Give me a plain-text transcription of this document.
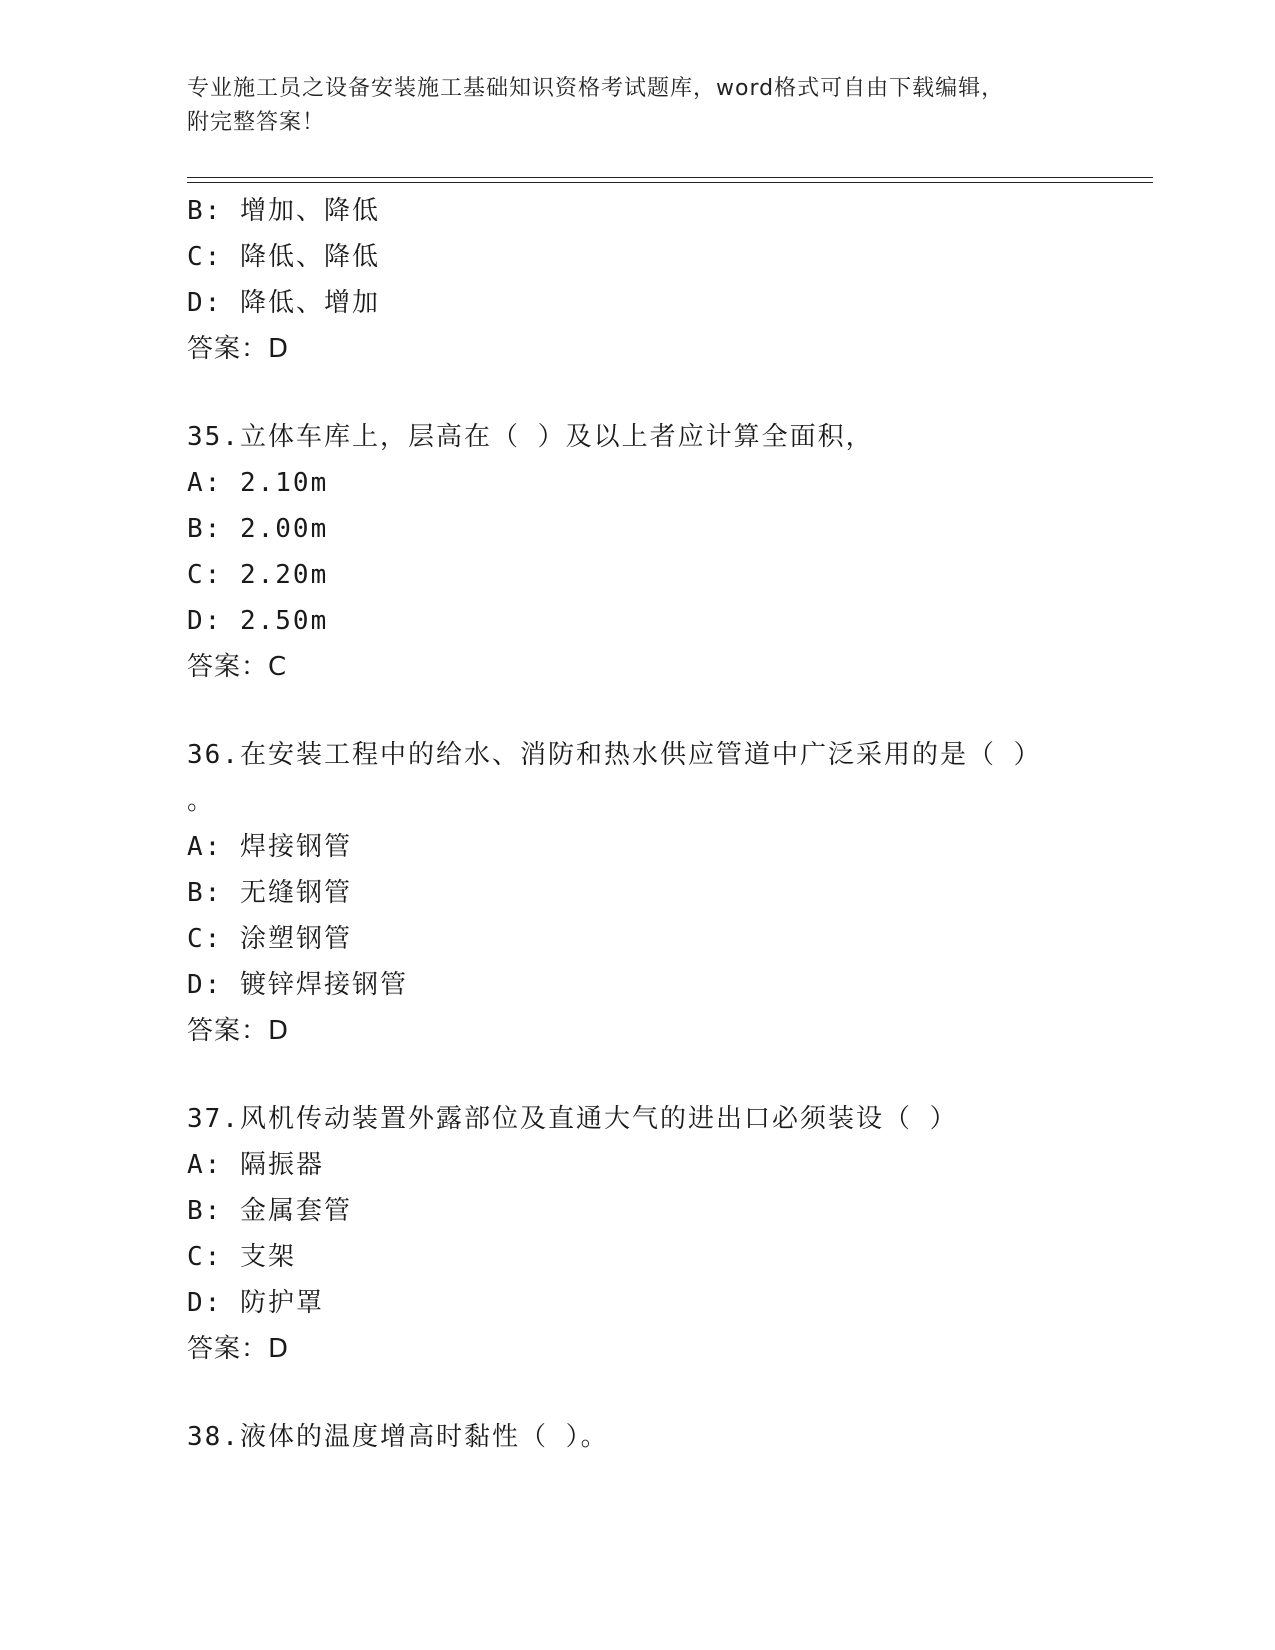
专业施工员之设备安装施工基础知识资格考试题库，word格式可自由下载编辑，
附完整答案！
B: 增加、降低
C: 降低、降低
D: 降低、增加
答案：D
35.立体车库上，层高在（ ）及以上者应计算全面积，
A: 2.10m
B: 2.00m
C: 2.20m
D: 2.50m
答案：C
36.在安装工程中的给水、消防和热水供应管道中广泛采用的是（ ）
。
A: 焊接钢管
B: 无缝钢管
C: 涂塑钢管
D: 镀锌焊接钢管
答案：D
37.风机传动装置外露部位及直通大气的进出口必须装设（ ）
A: 隔振器
B: 金属套管
C: 支架
D: 防护罩
答案：D
38.液体的温度增高时黏性（ ）。
